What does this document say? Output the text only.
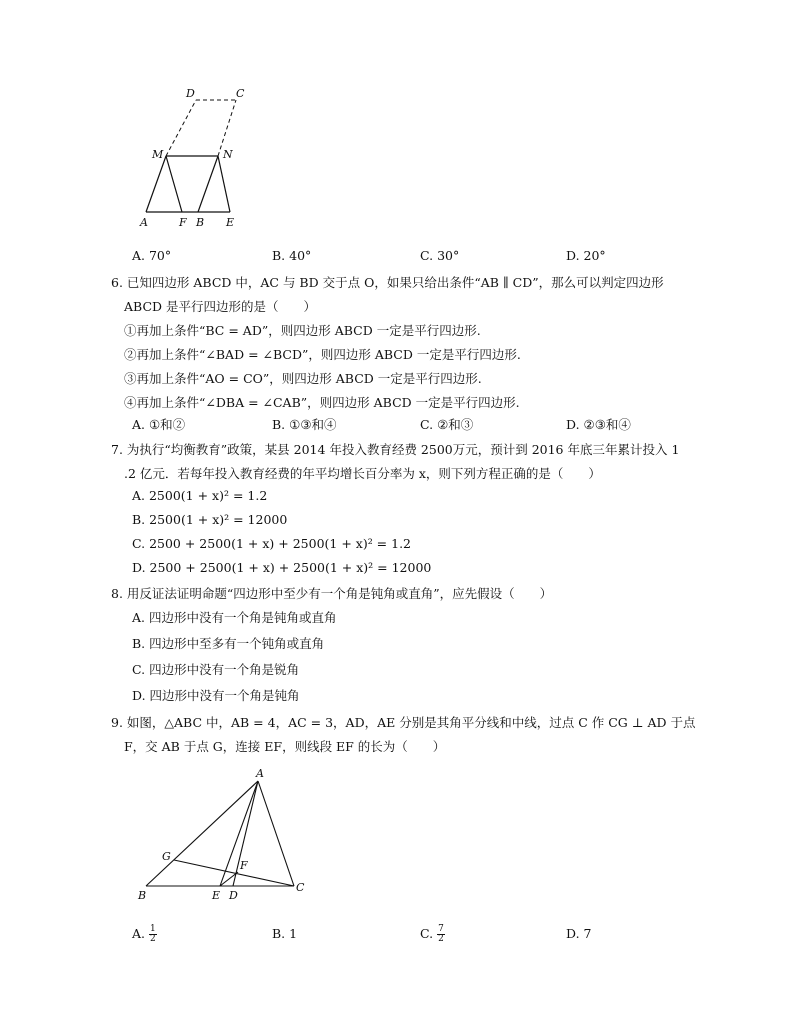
D	C
M	N
A	F B E
A. 70°	B. 40°	C. 30°	D. 20°
6. 已知四边形 ABCD 中，AC 与 BD 交于点 O，如果只给出条件“AB ∥ CD”，那么可以判定四边形
ABCD 是平行四边形的是（　　）
①再加上条件“BC = AD”，则四边形 ABCD 一定是平行四边形.
②再加上条件“∠BAD = ∠BCD”，则四边形 ABCD 一定是平行四边形.
③再加上条件“AO = CO”，则四边形 ABCD 一定是平行四边形.
④再加上条件“∠DBA = ∠CAB”，则四边形 ABCD 一定是平行四边形.
A. ①和②	B. ①③和④	C. ②和③	D. ②③和④
7. 为执行“均衡教育”政策，某县 2014 年投入教育经费 2500万元，预计到 2016 年底三年累计投入 1
.2 亿元．若每年投入教育经费的年平均增长百分率为 x，则下列方程正确的是（　　）
A. 2500(1 + x)² = 1.2
B. 2500(1 + x)² = 12000
C. 2500 + 2500(1 + x) + 2500(1 + x)² = 1.2
D. 2500 + 2500(1 + x) + 2500(1 + x)² = 12000
8. 用反证法证明命题“四边形中至少有一个角是钝角或直角”，应先假设（　　）
A. 四边形中没有一个角是钝角或直角
B. 四边形中至多有一个钝角或直角
C. 四边形中没有一个角是锐角
D. 四边形中没有一个角是钝角
9. 如图，△ABC 中，AB = 4，AC = 3，AD，AE 分别是其角平分线和中线，过点 C 作 CG ⊥ AD 于点
F，交 AB 于点 G，连接 EF，则线段 EF 的长为（　　）
A
G
F
B	E D
C
A. $\frac{1}{2}$	B. 1	C. $\frac{7}{2}$	D. 7
